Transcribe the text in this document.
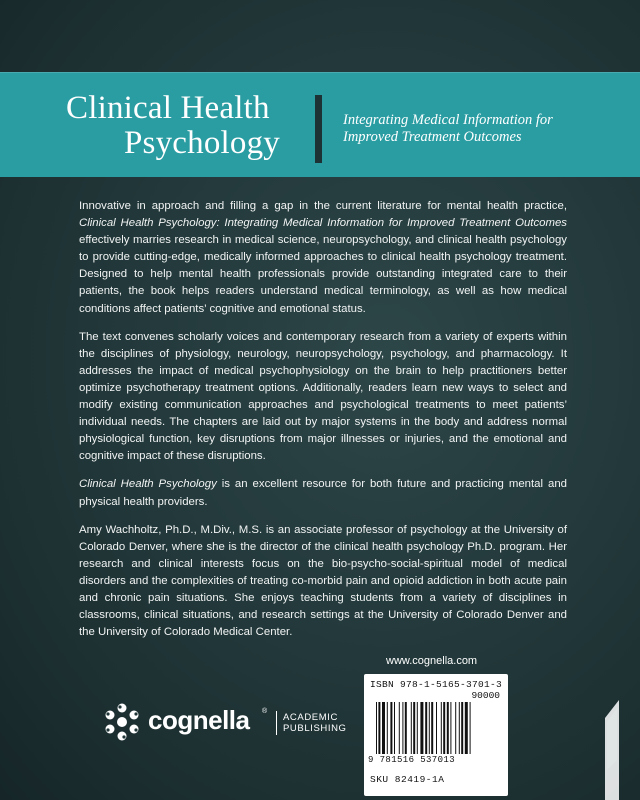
Clinical Health
Psychology
Integrating Medical Information for
Improved Treatment Outcomes

Innovative in approach and filling a gap in the current literature for mental health practice, Clinical Health Psychology: Integrating Medical Information for Improved Treatment Outcomes effectively marries research in medical science, neuropsychology, and clinical health psychology to provide cutting-edge, medically informed approaches to clinical health psychology treatment. Designed to help mental health professionals provide outstanding integrated care to their patients, the book helps readers understand medical terminology, as well as how medical conditions affect patients’ cognitive and emotional status.

The text convenes scholarly voices and contemporary research from a variety of experts within the disciplines of physiology, neurology, neuropsychology, psychology, and pharmacology. It addresses the impact of medical psychophysiology on the brain to help practitioners better optimize psychotherapy treatment options. Additionally, readers learn new ways to select and modify existing communication approaches and psychological treatments to meet patients’ individual needs. The chapters are laid out by major systems in the body and address normal physiological function, key disruptions from major illnesses or injuries, and the emotional and cognitive impact of these disruptions.

Clinical Health Psychology is an excellent resource for both future and practicing mental and physical health providers.

Amy Wachholtz, Ph.D., M.Div., M.S. is an associate professor of psychology at the University of Colorado Denver, where she is the director of the clinical health psychology Ph.D. program. Her research and clinical interests focus on the bio-psycho-social-spiritual model of medical disorders and the complexities of treating co-morbid pain and opioid addiction in both acute pain and chronic pain situations. She enjoys teaching students from a variety of disciplines in classrooms, clinical situations, and research settings at the University of Colorado Denver and the University of Colorado Medical Center.

www.cognella.com
cognella ®
ACADEMIC
PUBLISHING
ISBN 978-1-5165-3701-3
90000
9 781516 537013
SKU 82419-1A
